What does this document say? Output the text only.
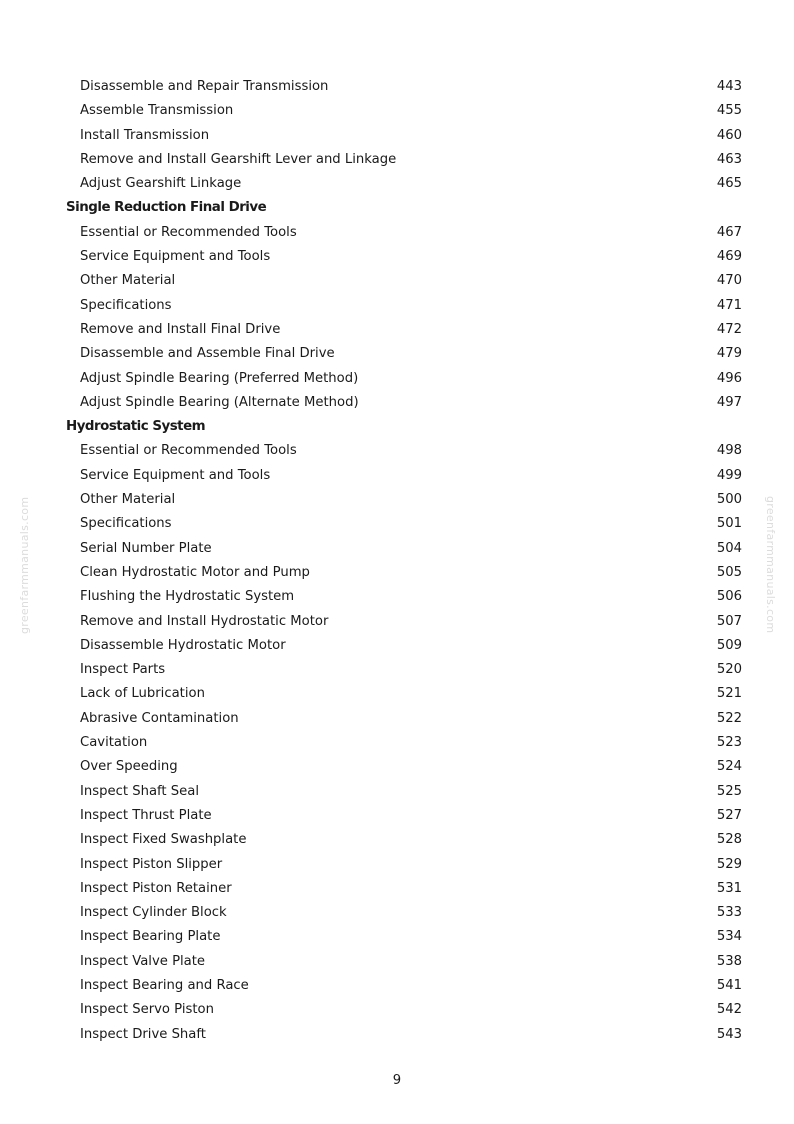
greenfarmmanuals.com	greenfarmmanuals.com
Disassemble and Repair Transmission	443
Assemble Transmission	455
Install Transmission	460
Remove and Install Gearshift Lever and Linkage	463
Adjust Gearshift Linkage	465
Single Reduction Final Drive
Essential or Recommended Tools	467
Service Equipment and Tools	469
Other Material	470
Specifications	471
Remove and Install Final Drive	472
Disassemble and Assemble Final Drive	479
Adjust Spindle Bearing (Preferred Method)	496
Adjust Spindle Bearing (Alternate Method)	497
Hydrostatic System
Essential or Recommended Tools	498
Service Equipment and Tools	499
Other Material	500
Specifications	501
Serial Number Plate	504
Clean Hydrostatic Motor and Pump	505
Flushing the Hydrostatic System	506
Remove and Install Hydrostatic Motor	507
Disassemble Hydrostatic Motor	509
Inspect Parts	520
Lack of Lubrication	521
Abrasive Contamination	522
Cavitation	523
Over Speeding	524
Inspect Shaft Seal	525
Inspect Thrust Plate	527
Inspect Fixed Swashplate	528
Inspect Piston Slipper	529
Inspect Piston Retainer	531
Inspect Cylinder Block	533
Inspect Bearing Plate	534
Inspect Valve Plate	538
Inspect Bearing and Race	541
Inspect Servo Piston	542
Inspect Drive Shaft	543
9
